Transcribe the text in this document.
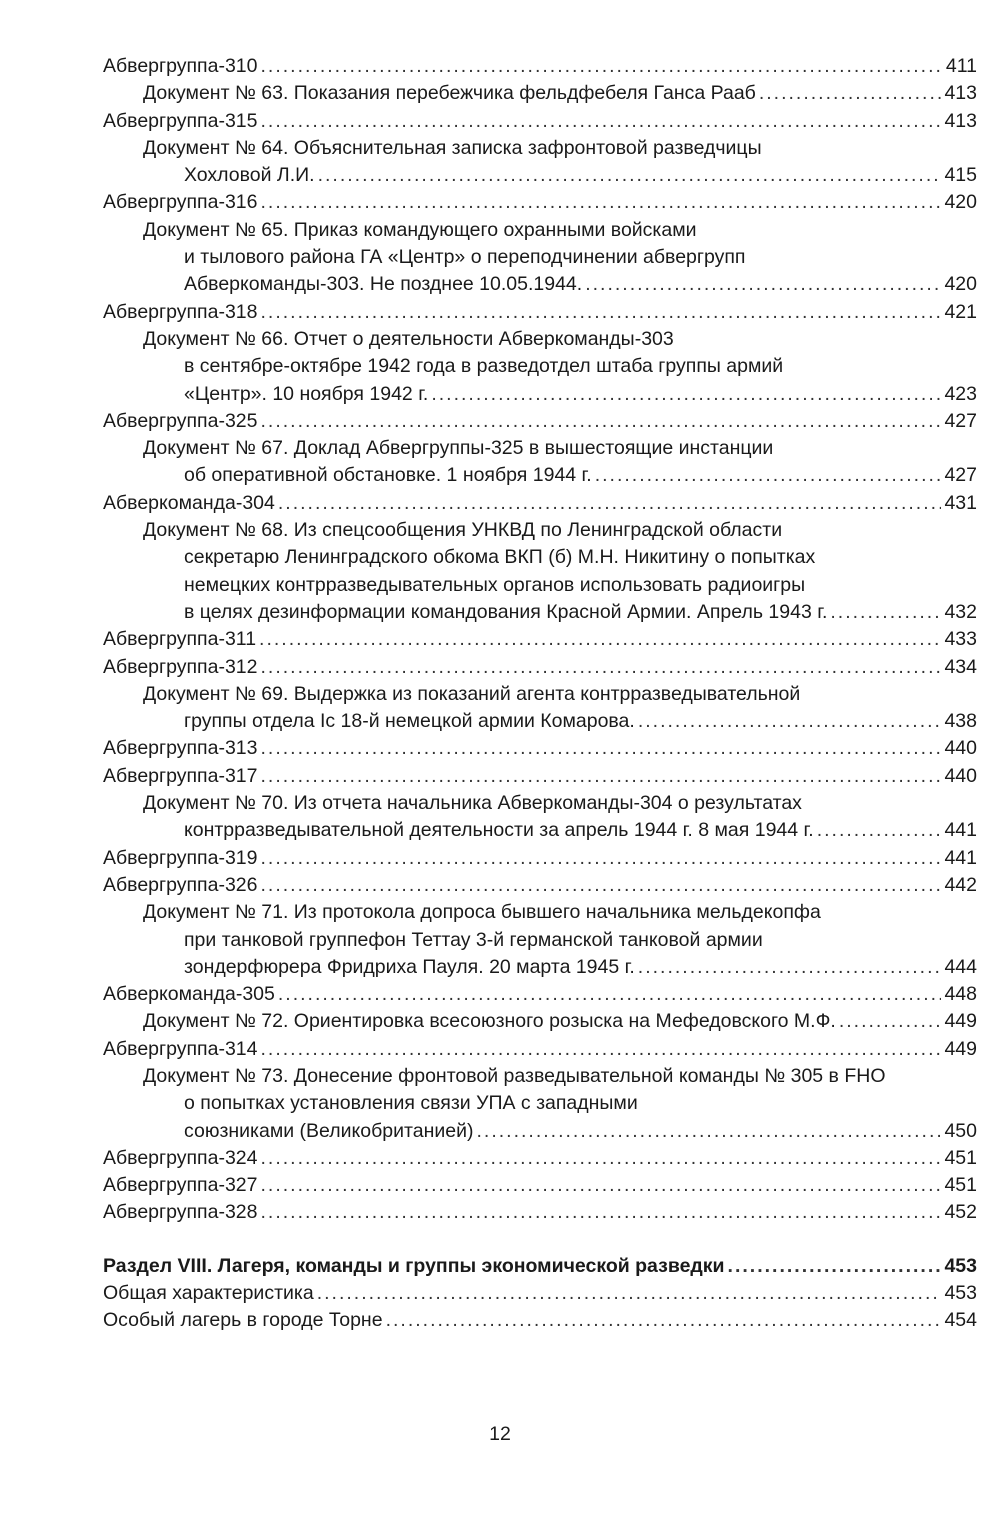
Абвергруппа-310 .....	411
Документ № 63. Показания перебежчика фельдфебеля Ганса Рааб .....	413
Абвергруппа-315 .....	413
Документ № 64. Объяснительная записка зафронтовой разведчицы
Хохловой Л.И. .....	415
Абвергруппа-316 .....	420
Документ № 65. Приказ командующего охранными войсками
и тылового района ГА «Центр» о переподчинении абвергрупп
Абверкоманды-303. Не позднее 10.05.1944. .....	420
Абвергруппа-318 .....	421
Документ № 66. Отчет о деятельности Абверкоманды-303
в сентябре-октябре 1942 года в разведотдел штаба группы армий
«Центр». 10 ноября 1942 г. .....	423
Абвергруппа-325 .....	427
Документ № 67. Доклад Абвергруппы-325 в вышестоящие инстанции
об оперативной обстановке. 1 ноября 1944 г. .....	427
Абверкоманда-304 .....	431
Документ № 68. Из спецсообщения УНКВД по Ленинградской области
секретарю Ленинградского обкома ВКП (б) М.Н. Никитину о попытках
немецких контрразведывательных органов использовать радиоигры
в целях дезинформации командования Красной Армии. Апрель 1943 г. .....	432
Абвергруппа-311 .....	433
Абвергруппа-312 .....	434
Документ № 69. Выдержка из показаний агента контрразведывательной
группы отдела Ic 18-й немецкой армии Комарова. .....	438
Абвергруппа-313 .....	440
Абвергруппа-317 .....	440
Документ № 70. Из отчета начальника Абверкоманды-304 о результатах
контрразведывательной деятельности за апрель 1944 г. 8 мая 1944 г. .....	441
Абвергруппа-319 .....	441
Абвергруппа-326 .....	442
Документ № 71. Из протокола допроса бывшего начальника мельдекопфа
при танковой группефон Теттау 3-й германской танковой армии
зондерфюрера Фридриха Пауля. 20 марта 1945 г. .....	444
Абверкоманда-305 .....	448
Документ № 72. Ориентировка всесоюзного розыска на Мефедовского М.Ф. .....	449
Абвергруппа-314 .....	449
Документ № 73. Донесение фронтовой разведывательной команды № 305 в FHO
о попытках установления связи УПА с западными
союзниками (Великобританией) .....	450
Абвергруппа-324 .....	451
Абвергруппа-327 .....	451
Абвергруппа-328 .....	452
Раздел VIII. Лагеря, команды и группы экономической разведки .....	453
Общая характеристика .....	453
Особый лагерь в городе Торне .....	454
12
